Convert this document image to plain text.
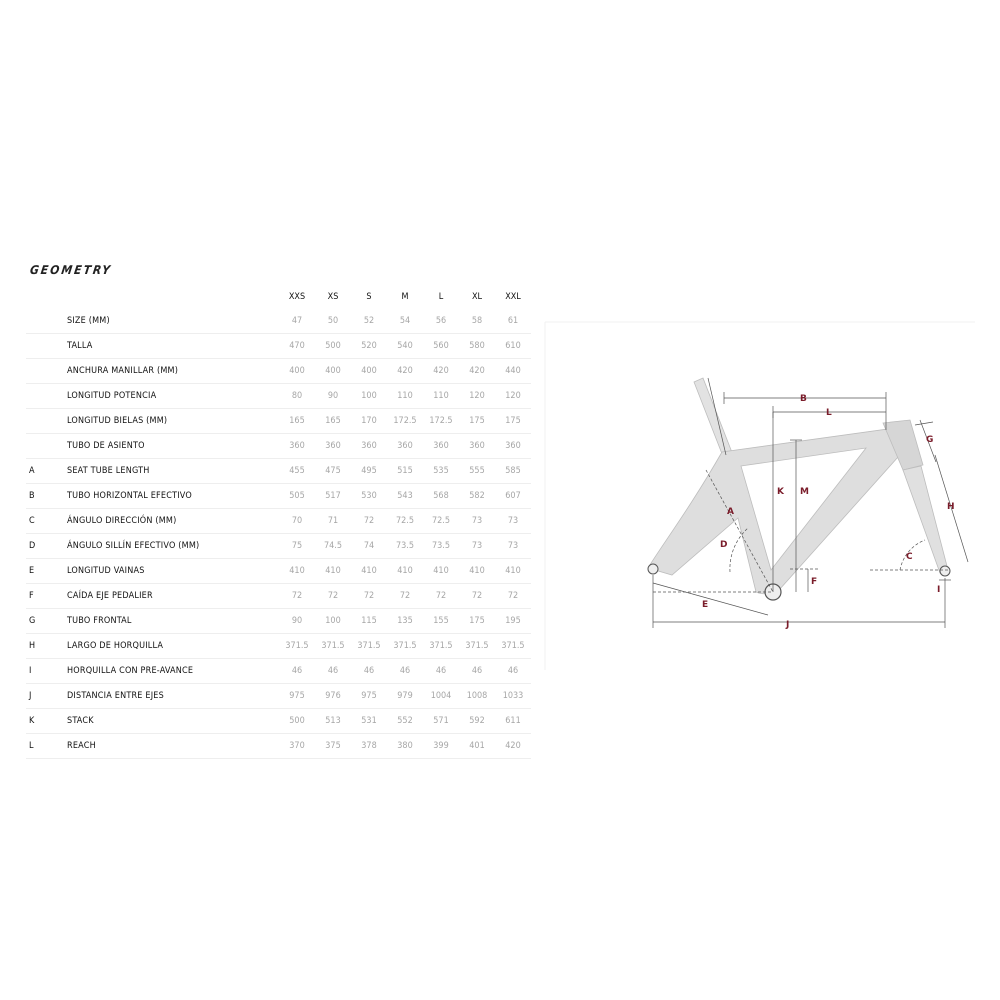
GEOMETRY
		XXS	XS	S	M	L	XL	XXL
	SIZE (MM)	47	50	52	54	56	58	61
	TALLA	470	500	520	540	560	580	610
	ANCHURA MANILLAR (MM)	400	400	400	420	420	420	440
	LONGITUD POTENCIA	80	90	100	110	110	120	120
	LONGITUD BIELAS (MM)	165	165	170	172.5	172.5	175	175
	TUBO DE ASIENTO	360	360	360	360	360	360	360
A	SEAT TUBE LENGTH	455	475	495	515	535	555	585
B	TUBO HORIZONTAL EFECTIVO	505	517	530	543	568	582	607
C	ÁNGULO DIRECCIÓN (MM)	70	71	72	72.5	72.5	73	73
D	ÁNGULO SILLÍN EFECTIVO (MM)	75	74.5	74	73.5	73.5	73	73
E	LONGITUD VAINAS	410	410	410	410	410	410	410
F	CAÍDA EJE PEDALIER	72	72	72	72	72	72	72
G	TUBO FRONTAL	90	100	115	135	155	175	195
H	LARGO DE HORQUILLA	371.5	371.5	371.5	371.5	371.5	371.5	371.5
I	HORQUILLA CON PRE-AVANCE	46	46	46	46	46	46	46
J	DISTANCIA ENTRE EJES	975	976	975	979	1004	1008	1033
K	STACK	500	513	531	552	571	592	611
L	REACH	370	375	378	380	399	401	420
B
L
G
H
A
K M
D
C
F
I
E
J
